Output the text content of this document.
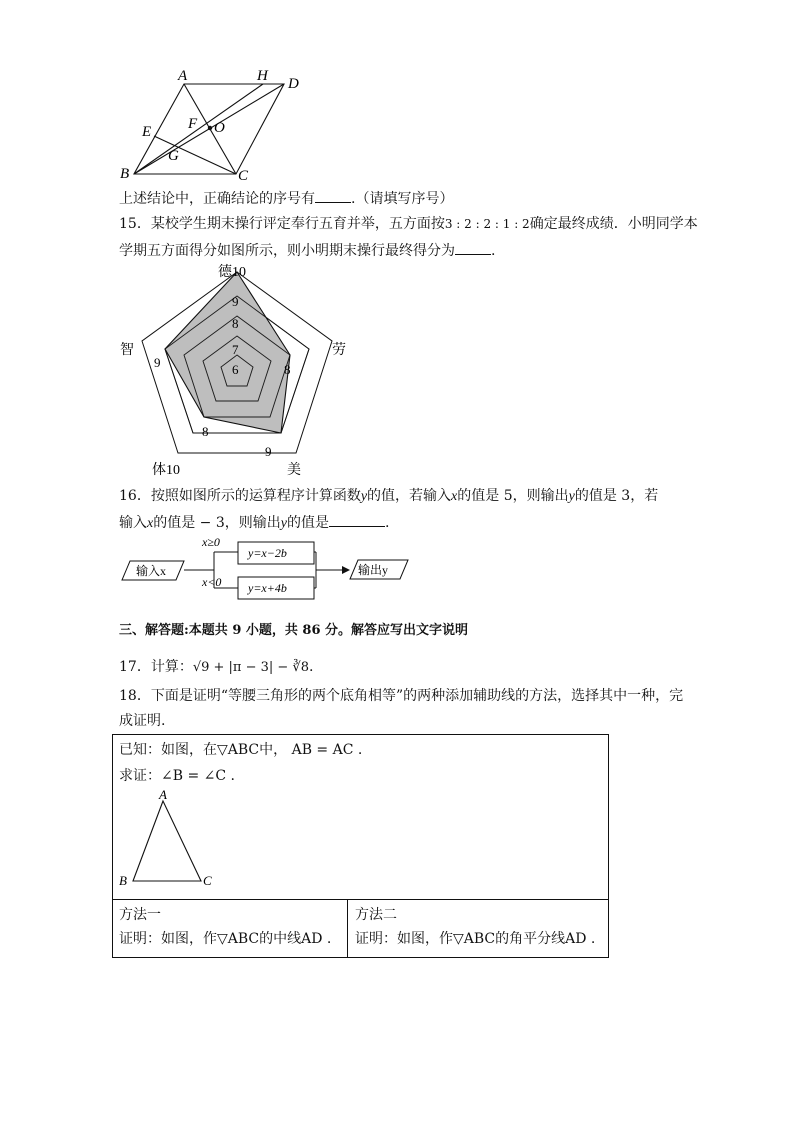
A	H D
E F O
G
B	C
上述结论中，正确结论的序号有	.（请填写序号）
15．某校学生期末操行评定奉行五育并举，五方面按3 : 2 : 2 : 1 : 2确定最终成绩．小明同学本
学期五方面得分如图所示，则小明期末操行最终得分为	.
德10
劳
美
体10
智
9
8
7
6
9	8
9
8
16．按照如图所示的运算程序计算函数y的值，若输入x的值是 5，则输出y的值是 3，若
输入x的值是 − 3，则输出y的值是	.
输入x
x≥0
x<0
y=x−2b
y=x+4b
输出y
三、解答题:本题共 9 小题，共 86 分。解答应写出文字说明
17．计算：√9 + |π − 3| − ∛8.
18．下面是证明“等腰三角形的两个底角相等”的两种添加辅助线的方法，选择其中一种，完
成证明.
已知：如图，在▽ABC中， AB = AC .
求证：∠B = ∠C .
A
B	C
方法一
证明：如图，作▽ABC的中线AD .
方法二
证明：如图，作▽ABC的角平分线AD .
